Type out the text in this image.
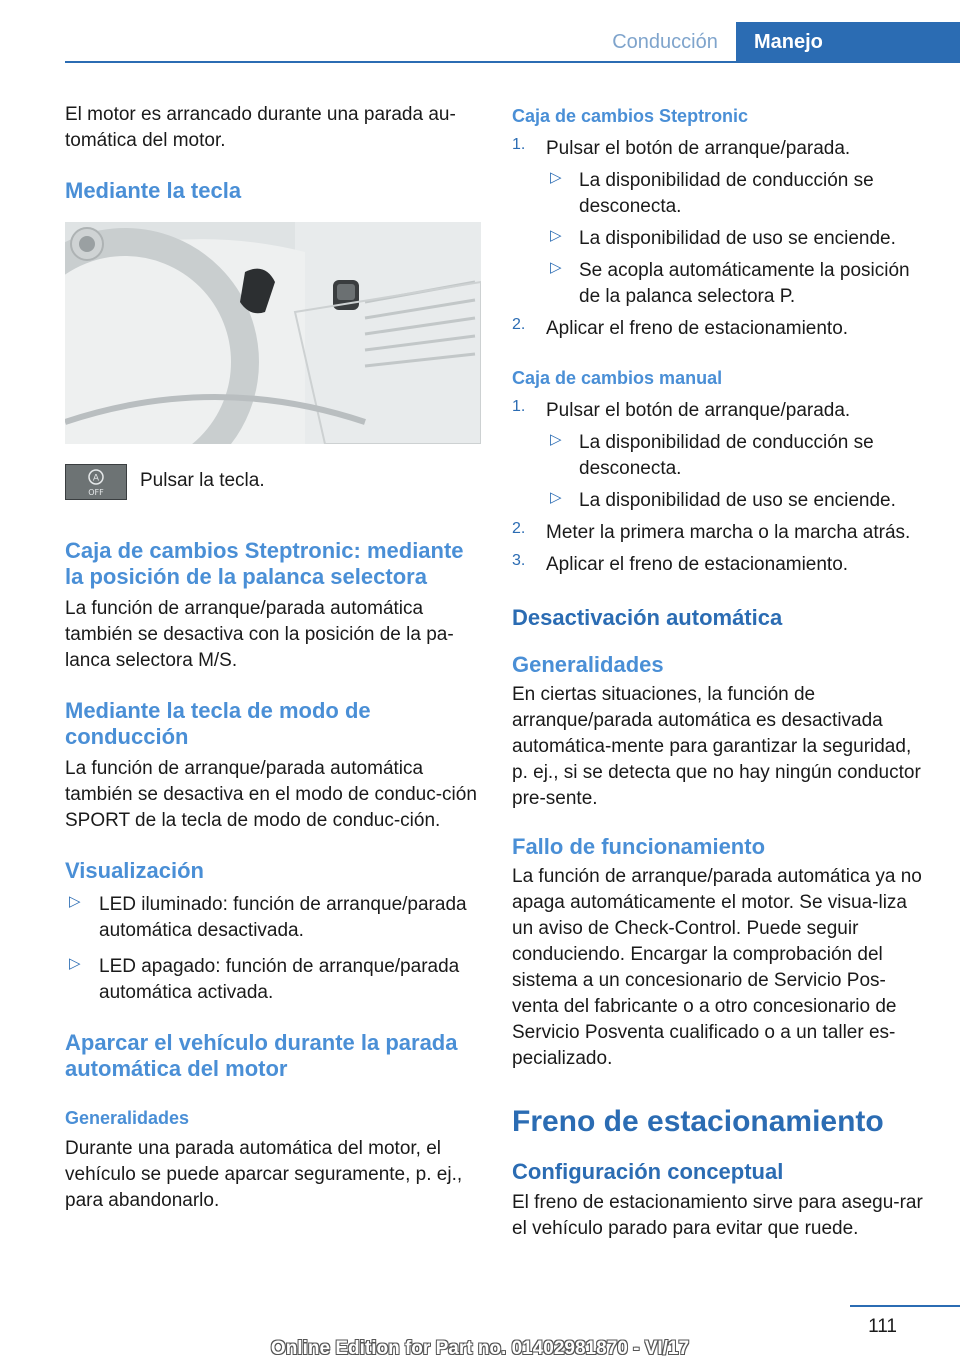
Conducción	Manejo

El motor es arrancado durante una parada au‐tomática del motor.

Mediante la tecla
A
OFF

Pulsar la tecla.

Caja de cambios Steptronic: mediante la posición de la palanca selectora

La función de arranque/parada automática también se desactiva con la posición de la pa‐lanca selectora M/S.

Mediante la tecla de modo de conducción

La función de arranque/parada automática también se desactiva en el modo de conduc‐ción SPORT de la tecla de modo de conduc‐ción.

Visualización
▷ LED iluminado: función de arranque/parada automática desactivada.

▷ LED apagado: función de arranque/parada automática activada.

Aparcar el vehículo durante la parada automática del motor
Generalidades

Durante una parada automática del motor, el vehículo se puede aparcar seguramente, p. ej., para abandonarlo.

Caja de cambios Steptronic
1. Pulsar el botón de arranque/parada.

▷ La disponibilidad de conducción se desconecta.

▷ La disponibilidad de uso se enciende.

▷ Se acopla automáticamente la posición de la palanca selectora P.

2. Aplicar el freno de estacionamiento.

Caja de cambios manual
1. Pulsar el botón de arranque/parada.

▷ La disponibilidad de conducción se desconecta.

▷ La disponibilidad de uso se enciende.

2. Meter la primera marcha o la marcha atrás.

3. Aplicar el freno de estacionamiento.

Desactivación automática
Generalidades

En ciertas situaciones, la función de arranque/parada automática es desactivada automática‐mente para garantizar la seguridad, p. ej., si se detecta que no hay ningún conductor pre‐sente.

Fallo de funcionamiento

La función de arranque/parada automática ya no apaga automáticamente el motor. Se visua‐liza un aviso de Check-Control. Puede seguir conduciendo. Encargar la comprobación del sistema a un concesionario de Servicio Pos‐venta del fabricante o a otro concesionario de Servicio Posventa cualificado o a un taller es‐pecializado.

Freno de estacionamiento
Configuración conceptual

El freno de estacionamiento sirve para asegu‐rar el vehículo parado para evitar que ruede.

111
Online Edition for Part no. 01402981870 - VI/17
